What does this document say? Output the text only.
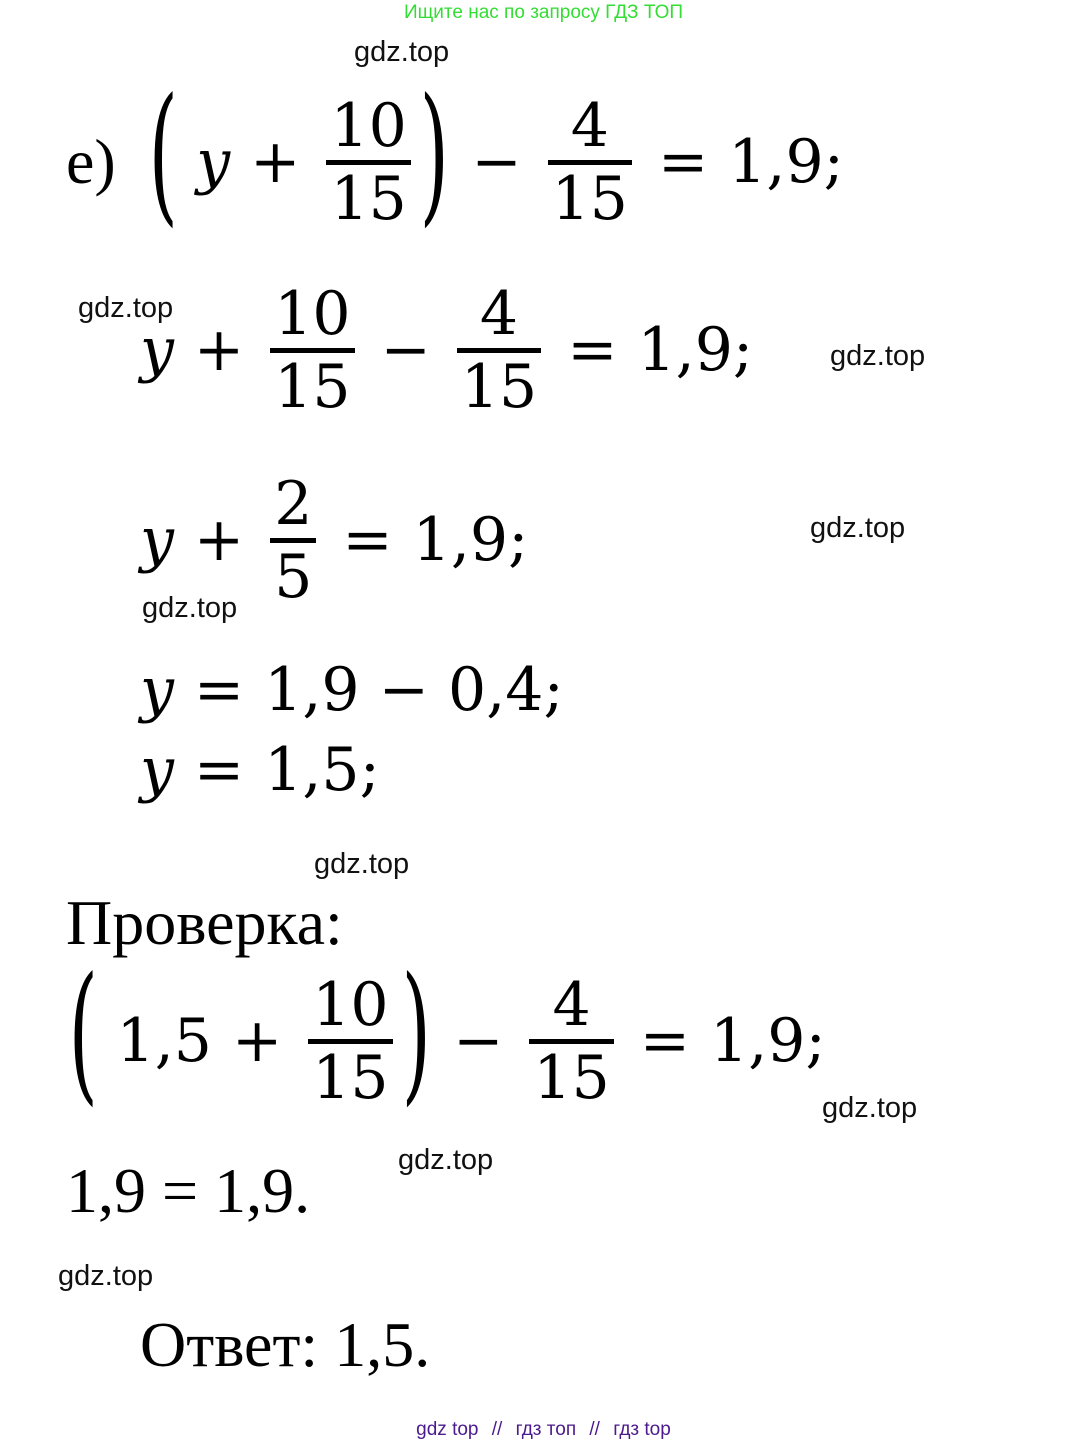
Ищите нас по запросу ГДЗ ТОП
е) ( y +
10
15 ) −
4
15
= 1,9;
y +
10
15
−
4
15
= 1,9;
y +
2
5
= 1,9;
y = 1,9 − 0,4;
y = 1,5;
Проверка:
( 1,5 +
10
15 ) −
4
15
= 1,9;
1,9 = 1,9.
Ответ: 1,5.
gdz.top
gdz.top
gdz.top
gdz.top
gdz.top
gdz.top
gdz.top
gdz.top
gdz.top
gdz top // гдз топ // гдз top
